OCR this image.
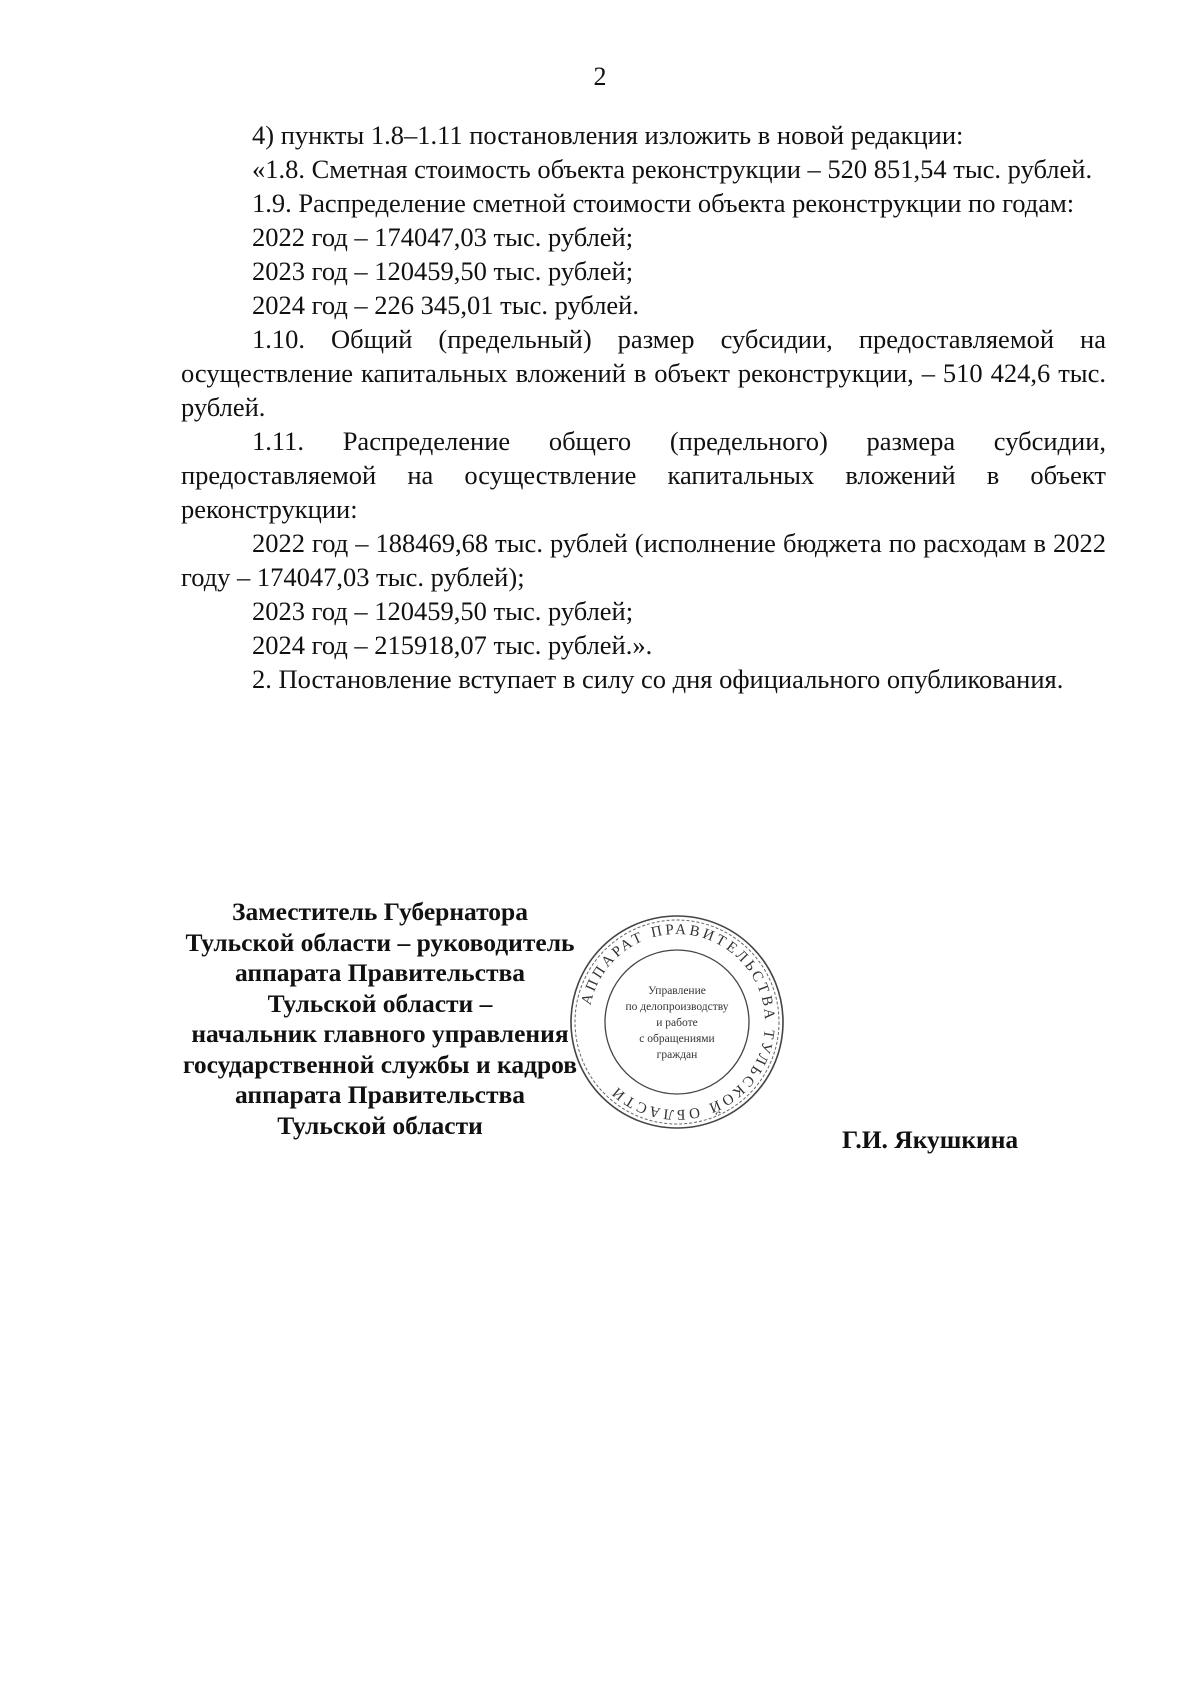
2

4) пункты 1.8–1.11 постановления изложить в новой редакции:

«1.8. Сметная стоимость объекта реконструкции – 520 851,54 тыс. рублей.

1.9. Распределение сметной стоимости объекта реконструкции по годам:

2022 год – 174047,03 тыс. рублей;

2023 год – 120459,50 тыс. рублей;

2024 год – 226 345,01 тыс. рублей.

1.10. Общий (предельный) размер субсидии, предоставляемой на осуществление капитальных вложений в объект реконструкции, – 510 424,6 тыс. рублей.

1.11. Распределение общего (предельного) размера субсидии, предоставляемой на осуществление капитальных вложений в объект реконструкции:

2022 год – 188469,68 тыс. рублей (исполнение бюджета по расходам в 2022 году – 174047,03 тыс. рублей);

2023 год – 120459,50 тыс. рублей;

2024 год – 215918,07 тыс. рублей.».

2. Постановление вступает в силу со дня официального опубликования.

Заместитель Губернатора
Тульской области – руководитель
аппарата Правительства
Тульской области –
начальник главного управления
государственной службы и кадров
аппарата Правительства
Тульской области
АППАРАТ ПРАВИТЕЛЬСТВА ТУЛЬСКОЙ ОБЛАСТИ
Управление
по делопроизводству
и работе
с обращениями
граждан
Г.И. Якушкина
